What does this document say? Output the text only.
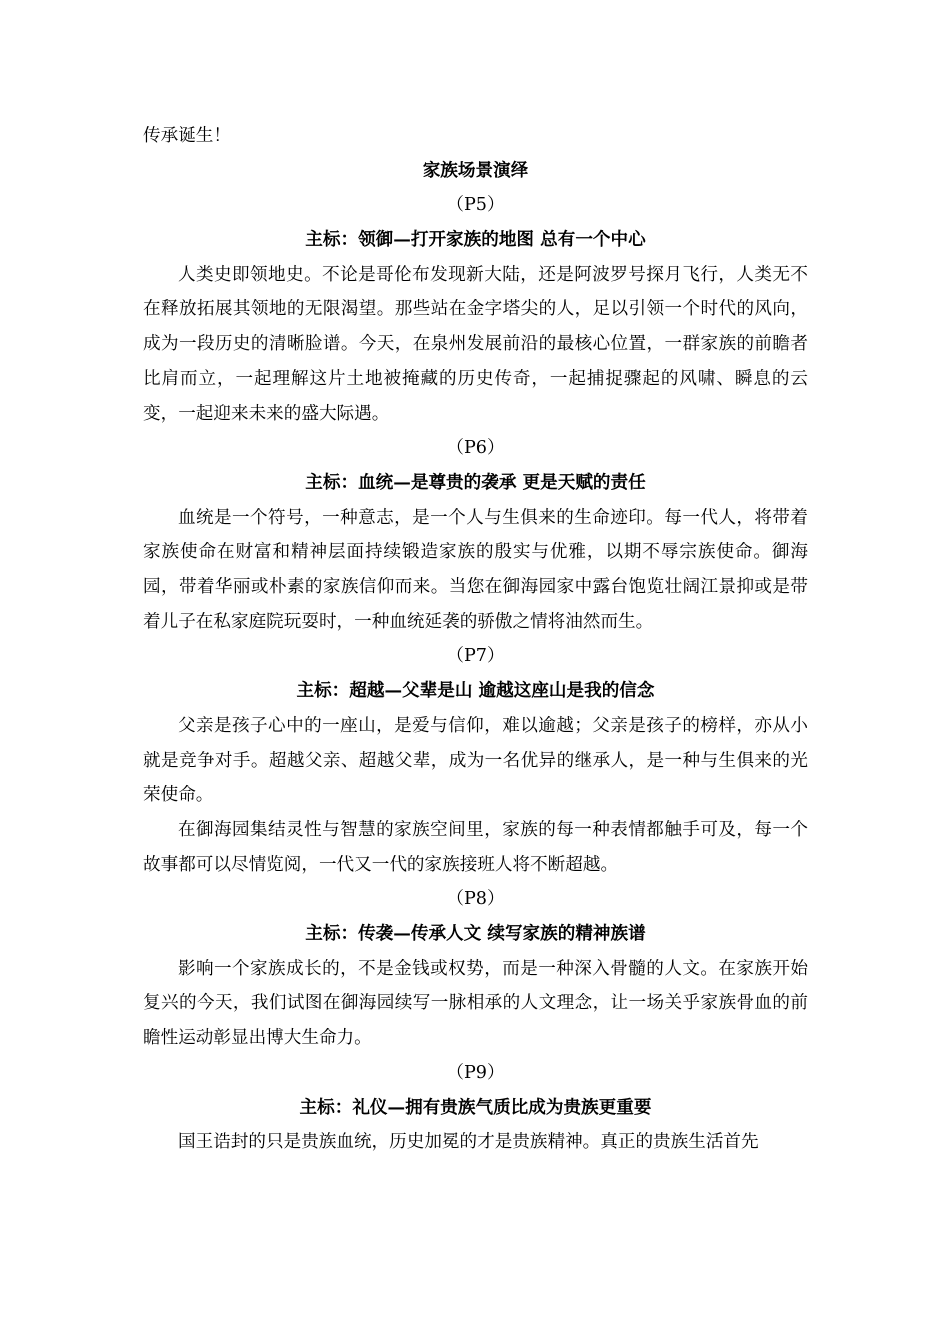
传承诞生！

家族场景演绎
（P5）
主标：领御—打开家族的地图 总有一个中心

人类史即领地史。不论是哥伦布发现新大陆，还是阿波罗号探月飞行，人类无不在释放拓展其领地的无限渴望。那些站在金字塔尖的人，足以引领一个时代的风向，成为一段历史的清晰脸谱。今天，在泉州发展前沿的最核心位置，一群家族的前瞻者比肩而立，一起理解这片土地被掩藏的历史传奇，一起捕捉骤起的风啸、瞬息的云变，一起迎来未来的盛大际遇。

（P6）
主标：血统—是尊贵的袭承 更是天赋的责任

血统是一个符号，一种意志，是一个人与生俱来的生命迹印。每一代人，将带着家族使命在财富和精神层面持续锻造家族的殷实与优雅，以期不辱宗族使命。御海园，带着华丽或朴素的家族信仰而来。当您在御海园家中露台饱览壮阔江景抑或是带着儿子在私家庭院玩耍时，一种血统延袭的骄傲之情将油然而生。

（P7）
主标：超越—父辈是山 逾越这座山是我的信念

父亲是孩子心中的一座山，是爱与信仰，难以逾越；父亲是孩子的榜样，亦从小就是竞争对手。超越父亲、超越父辈，成为一名优异的继承人，是一种与生俱来的光荣使命。

在御海园集结灵性与智慧的家族空间里，家族的每一种表情都触手可及，每一个故事都可以尽情览阅，一代又一代的家族接班人将不断超越。

（P8）
主标：传袭—传承人文 续写家族的精神族谱

影响一个家族成长的，不是金钱或权势，而是一种深入骨髓的人文。在家族开始复兴的今天，我们试图在御海园续写一脉相承的人文理念，让一场关乎家族骨血的前瞻性运动彰显出博大生命力。

（P9）
主标：礼仪—拥有贵族气质比成为贵族更重要

国王诰封的只是贵族血统，历史加冕的才是贵族精神。真正的贵族生活首先
